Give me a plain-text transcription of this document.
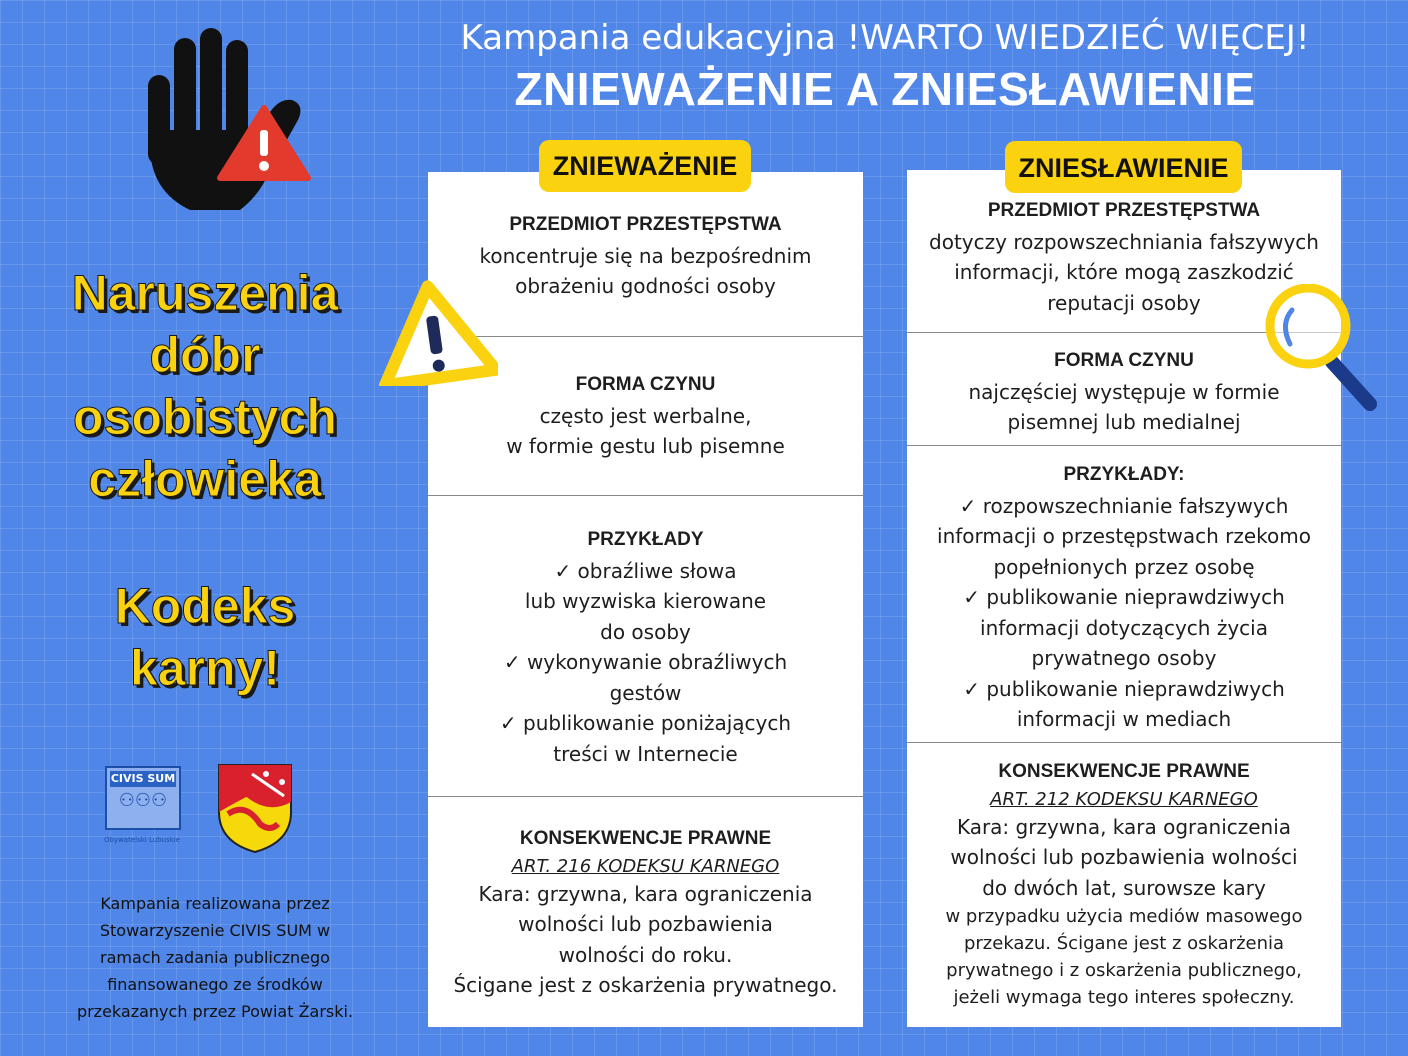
Kampania edukacyjna !WARTO WIEDZIEĆ WIĘCEJ!
ZNIEWAŻENIE A ZNIESŁAWIENIE
Naruszenia
dóbr
osobistych
człowieka
Kodeks
karny!
CIVIS SUM
⚇⚇⚇
Obywatelski Lubuskie
Kampania realizowana przez
Stowarzyszenie CIVIS SUM w
ramach zadania publicznego
finansowanego ze środków
przekazanych przez Powiat Żarski.
PRZEDMIOT PRZESTĘPSTWA
koncentruje się na bezpośrednim
obrażeniu godności osoby
FORMA CZYNU
często jest werbalne,
w formie gestu lub pisemne
PRZYKŁADY
✓ obraźliwe słowa
lub wyzwiska kierowane
do osoby
✓ wykonywanie obraźliwych
gestów
✓ publikowanie poniżających
treści w Internecie
KONSEKWENCJE PRAWNE
ART. 216 KODEKSU KARNEGO
Kara: grzywna, kara ograniczenia
wolności lub pozbawienia
wolności do roku.
Ścigane jest z oskarżenia prywatnego.
ZNIEWAŻENIE
PRZEDMIOT PRZESTĘPSTWA
dotyczy rozpowszechniania fałszywych
informacji, które mogą zaszkodzić
reputacji osoby
FORMA CZYNU
najczęściej występuje w formie
pisemnej lub medialnej
PRZYKŁADY:
✓ rozpowszechnianie fałszywych
informacji o przestępstwach rzekomo
popełnionych przez osobę
✓ publikowanie nieprawdziwych
informacji dotyczących życia
prywatnego osoby
✓ publikowanie nieprawdziwych
informacji w mediach
KONSEKWENCJE PRAWNE
ART. 212 KODEKSU KARNEGO
Kara: grzywna, kara ograniczenia
wolności lub pozbawienia wolności
do dwóch lat, surowsze kary
w przypadku użycia mediów masowego
przekazu. Ścigane jest z oskarżenia
prywatnego i z oskarżenia publicznego,
jeżeli wymaga tego interes społeczny.
ZNIESŁAWIENIE
